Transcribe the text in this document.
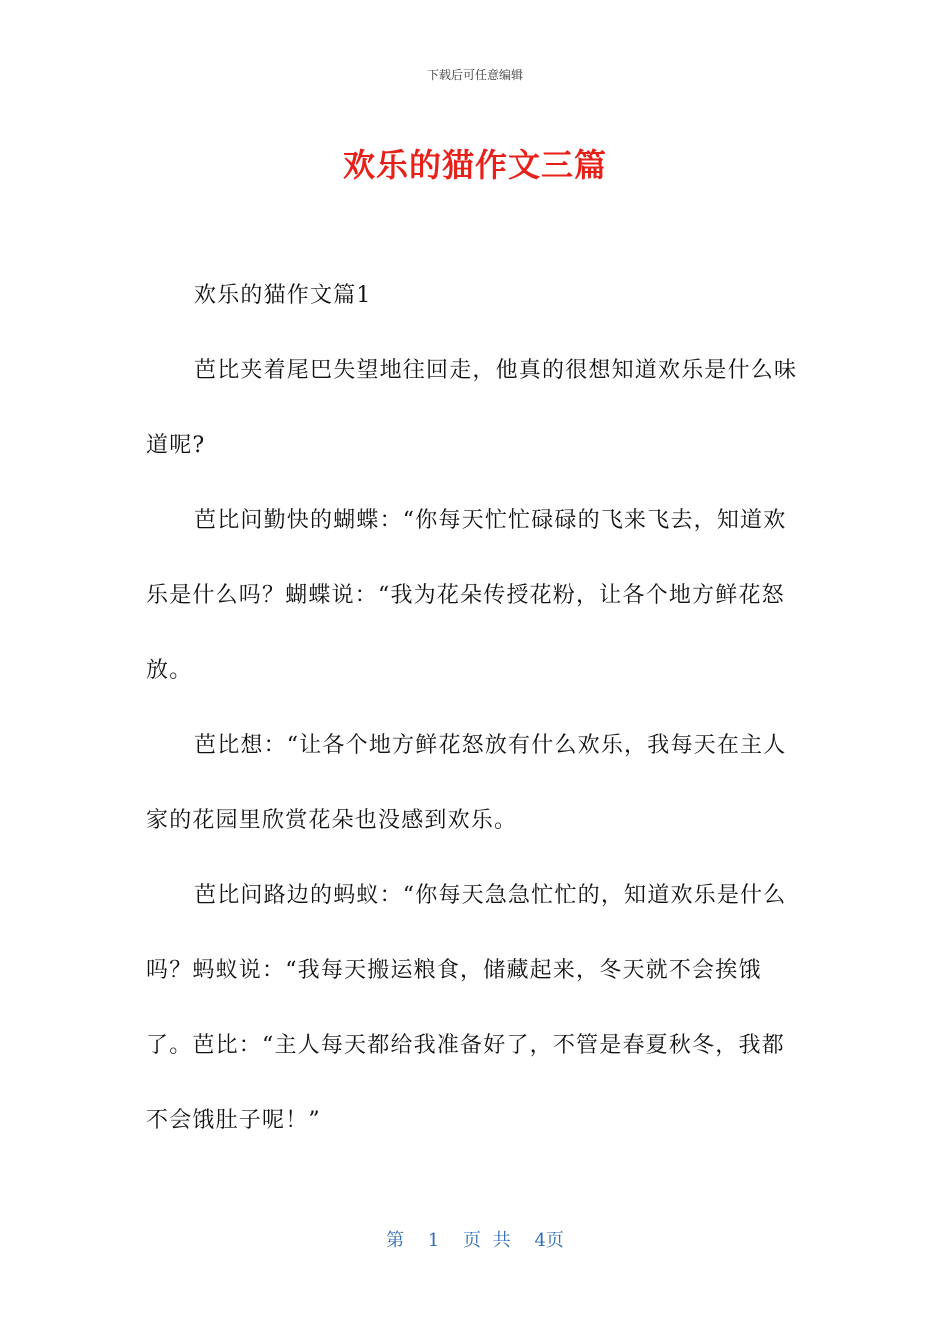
下载后可任意编辑
欢乐的猫作文三篇

欢乐的猫作文篇1

芭比夹着尾巴失望地往回走，他真的很想知道欢乐是什么味道呢?

芭比问勤快的蝴蝶：“你每天忙忙碌碌的飞来飞去，知道欢乐是什么吗？蝴蝶说：“我为花朵传授花粉，让各个地方鲜花怒放。

芭比想：“让各个地方鲜花怒放有什么欢乐，我每天在主人家的花园里欣赏花朵也没感到欢乐。

芭比问路边的蚂蚁：“你每天急急忙忙的，知道欢乐是什么吗？蚂蚁说：“我每天搬运粮食，储藏起来，冬天就不会挨饿了。芭比：“主人每天都给我准备好了，不管是春夏秋冬，我都不会饿肚子呢！”

第 1 页 共 4页
